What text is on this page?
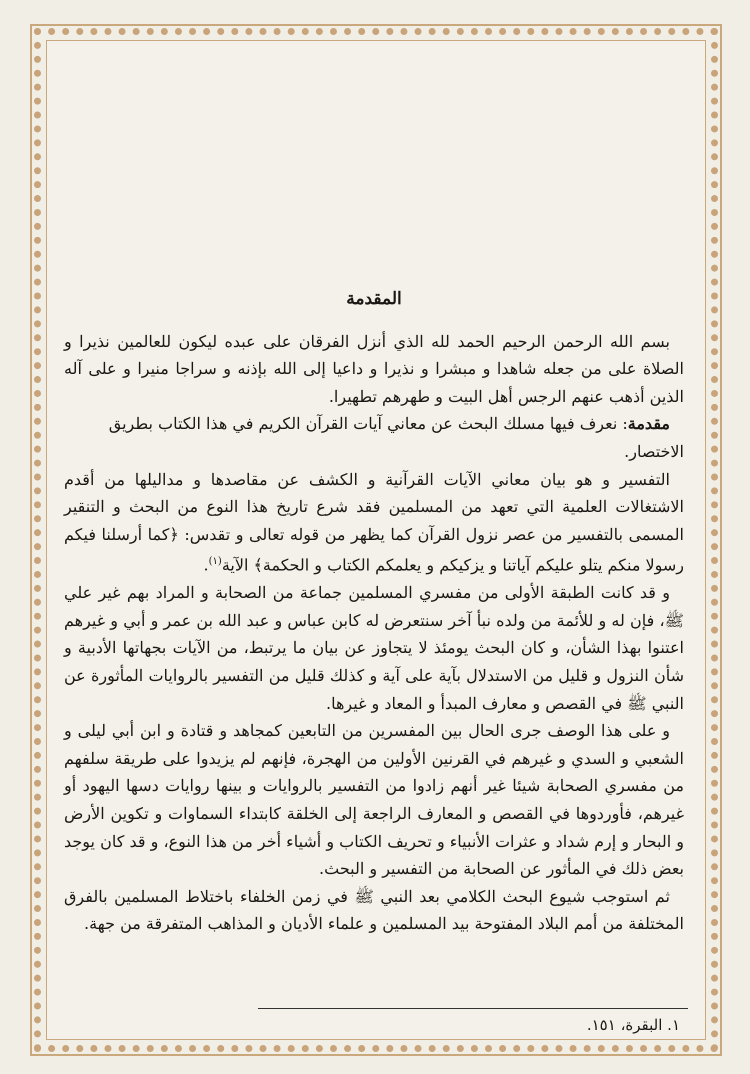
المقدمة

بسم الله الرحمن الرحيم الحمد لله الذي أنزل الفرقان على عبده ليكون للعالمين نذيرا و الصلاة على من جعله شاهدا و مبشرا و نذيرا و داعيا إلى الله بإذنه و سراجا منيرا و على آله الذين أذهب عنهم الرجس أهل البيت و طهرهم تطهيرا.

مقدمة: نعرف فيها مسلك البحث عن معاني آيات القرآن الكريم في هذا الكتاب بطريق

الاختصار.

التفسير و هو بيان معاني الآيات القرآنية و الكشف عن مقاصدها و مداليلها من أقدم الاشتغالات العلمية التي تعهد من المسلمين فقد شرع تاريخ هذا النوع من البحث و التنقير المسمى بالتفسير من عصر نزول القرآن كما يظهر من قوله تعالى و تقدس: ﴿كما أرسلنا فيكم رسولا منكم يتلو عليكم آياتنا و يزكيكم و يعلمكم الكتاب و الحكمة﴾ الآية$^{(١)}$.

و قد كانت الطبقة الأولى من مفسري المسلمين جماعة من الصحابة و المراد بهم غير علي ﷺ، فإن له و للأئمة من ولده نبأ آخر سنتعرض له كابن عباس و عبد الله بن عمر و أبي و غيرهم اعتنوا بهذا الشأن، و كان البحث يومئذ لا يتجاوز عن بيان ما يرتبط، من الآيات بجهاتها الأدبية و شأن النزول و قليل من الاستدلال بآية على آية و كذلك قليل من التفسير بالروايات المأثورة عن النبي ﷺ في القصص و معارف المبدأ و المعاد و غيرها.

و على هذا الوصف جرى الحال بين المفسرين من التابعين كمجاهد و قتادة و ابن أبي ليلى و الشعبي و السدي و غيرهم في القرنين الأولين من الهجرة، فإنهم لم يزيدوا على طريقة سلفهم من مفسري الصحابة شيئا غير أنهم زادوا من التفسير بالروايات و بينها روايات دسها اليهود أو غيرهم، فأوردوها في القصص و المعارف الراجعة إلى الخلقة كابتداء السماوات و تكوين الأرض و البحار و إرم شداد و عثرات الأنبياء و تحريف الكتاب و أشياء أخر من هذا النوع، و قد كان يوجد بعض ذلك في المأثور عن الصحابة من التفسير و البحث.

ثم استوجب شيوع البحث الكلامي بعد النبي ﷺ في زمن الخلفاء باختلاط المسلمين بالفرق المختلفة من أمم البلاد المفتوحة بيد المسلمين و علماء الأديان و المذاهب المتفرقة من جهة.

١. البقرة، ١٥١.
